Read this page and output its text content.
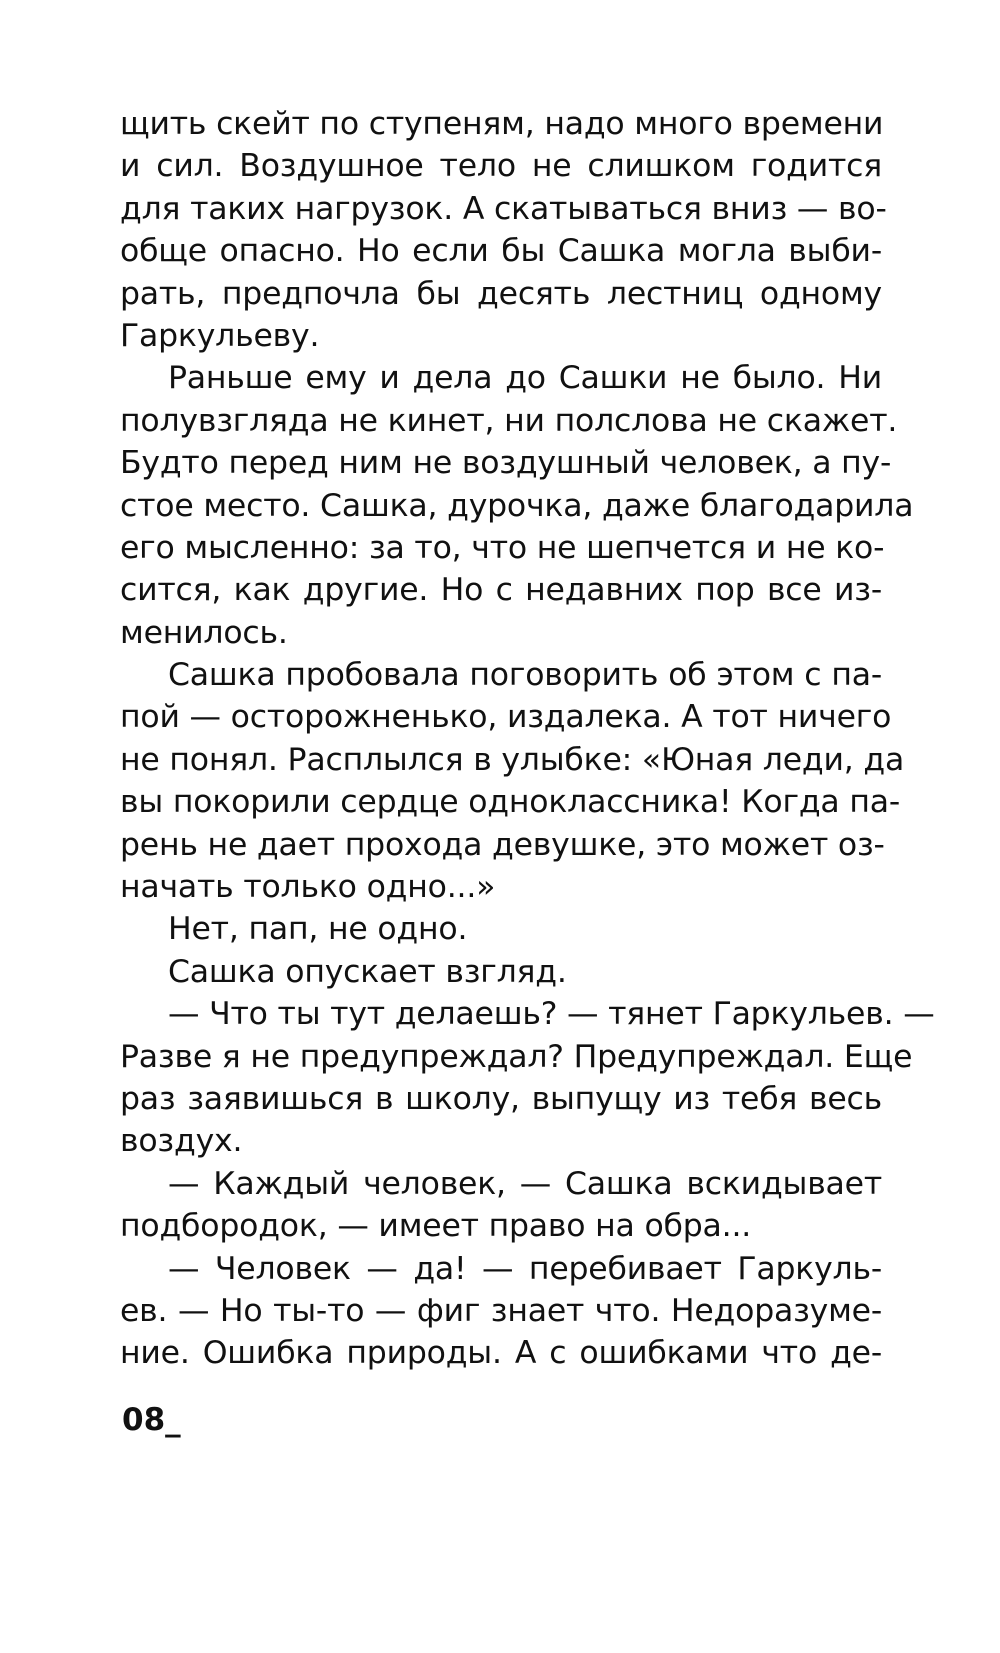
щить скейт по ступеням, надо много времени
и сил. Воздушное тело не слишком годится
для таких нагрузок. А скатываться вниз — во-
обще опасно. Но если бы Сашка могла выби-
рать, предпочла бы десять лестниц одному
Гаркульеву.
Раньше ему и дела до Сашки не было. Ни
полувзгляда не кинет, ни полслова не скажет.
Будто перед ним не воздушный человек, а пу-
стое место. Сашка, дурочка, даже благодарила
его мысленно: за то, что не шепчется и не ко-
сится, как другие. Но с недавних пор все из-
менилось.
Сашка пробовала поговорить об этом с па-
пой — осторожненько, издалека. А тот ничего
не понял. Расплылся в улыбке: «Юная леди, да
вы покорили сердце одноклассника! Когда па-
рень не дает прохода девушке, это может оз-
начать только одно...»
Нет, пап, не одно.
Сашка опускает взгляд.
— Что ты тут делаешь? — тянет Гаркульев. —
Разве я не предупреждал? Предупреждал. Еще
раз заявишься в школу, выпущу из тебя весь
воздух.
— Каждый человек, — Сашка вскидывает
подбородок, — имеет право на обра...
— Человек — да! — перебивает Гаркуль-
ев. — Но ты-то — фиг знает что. Недоразуме-
ние. Ошибка природы. А с ошибками что де-
08_
